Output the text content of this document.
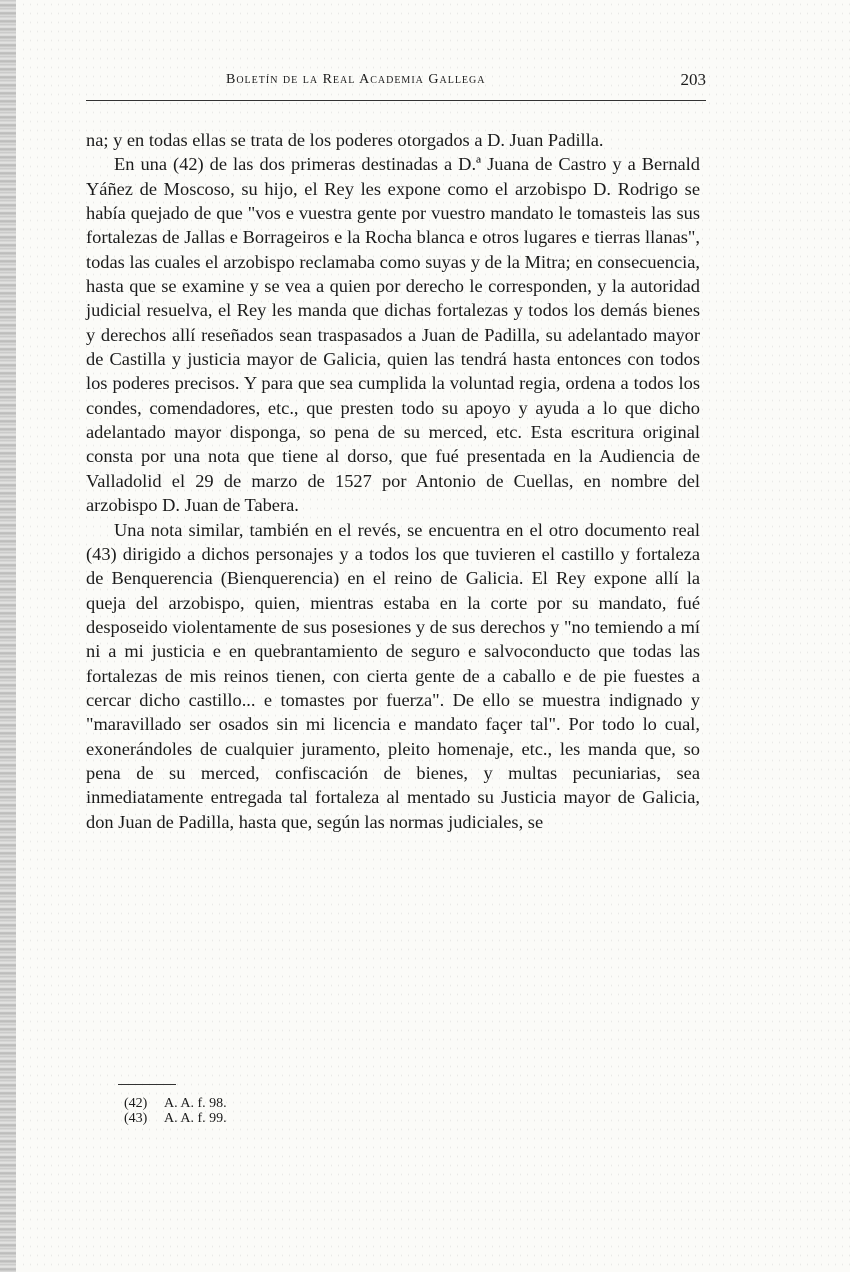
Boletín de la Real Academia Gallega	203

na; y en todas ellas se trata de los poderes otorgados a D. Juan Padilla.

En una (42) de las dos primeras destinadas a D.ª Juana de Castro y a Bernald Yáñez de Moscoso, su hijo, el Rey les expone como el arzobispo D. Rodrigo se había quejado de que "vos e vuestra gente por vuestro mandato le tomasteis las sus fortalezas de Jallas e Borrageiros e la Rocha blanca e otros lugares e tierras llanas", todas las cuales el arzobispo reclamaba como suyas y de la Mitra; en consecuencia, hasta que se examine y se vea a quien por derecho le corresponden, y la autoridad judicial resuelva, el Rey les manda que dichas fortalezas y todos los demás bienes y derechos allí reseñados sean traspasados a Juan de Padilla, su adelantado mayor de Castilla y justicia mayor de Galicia, quien las tendrá hasta entonces con todos los poderes precisos. Y para que sea cumplida la voluntad regia, ordena a todos los condes, comendadores, etc., que presten todo su apoyo y ayuda a lo que dicho adelantado mayor disponga, so pena de su merced, etc. Esta escritura original consta por una nota que tiene al dorso, que fué presentada en la Audiencia de Valladolid el 29 de marzo de 1527 por Antonio de Cuellas, en nombre del arzobispo D. Juan de Tabera.

Una nota similar, también en el revés, se encuentra en el otro documento real (43) dirigido a dichos personajes y a todos los que tuvieren el castillo y fortaleza de Benquerencia (Bienquerencia) en el reino de Galicia. El Rey expone allí la queja del arzobispo, quien, mientras estaba en la corte por su mandato, fué desposeido violentamente de sus posesiones y de sus derechos y "no temiendo a mí ni a mi justicia e en quebrantamiento de seguro e salvoconducto que todas las fortalezas de mis reinos tienen, con cierta gente de a caballo e de pie fuestes a cercar dicho castillo... e tomastes por fuerza". De ello se muestra indignado y "maravillado ser osados sin mi licencia e mandato façer tal". Por todo lo cual, exonerándoles de cualquier juramento, pleito homenaje, etc., les manda que, so pena de su merced, confiscación de bienes, y multas pecuniarias, sea inmediatamente entregada tal fortaleza al mentado su Justicia mayor de Galicia, don Juan de Padilla, hasta que, según las normas judiciales, se

(42) A. A. f. 98.
(43) A. A. f. 99.
